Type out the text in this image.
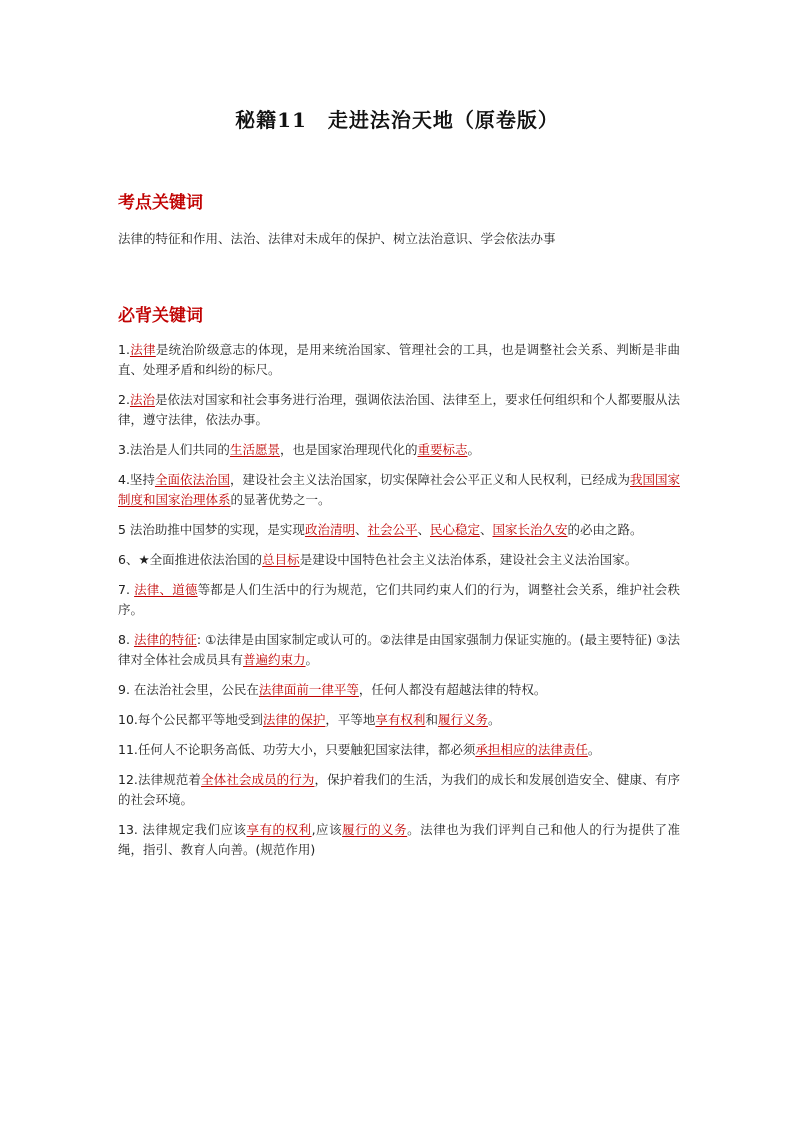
秘籍11　走进法治天地（原卷版）
考点关键词
法律的特征和作用、法治、法律对未成年的保护、树立法治意识、学会依法办事
必背关键词
1.法律是统治阶级意志的体现，是用来统治国家、管理社会的工具，也是调整社会关系、判断是非曲直、处理矛盾和纠纷的标尺。
2.法治是依法对国家和社会事务进行治理，强调依法治国、法律至上，要求任何组织和个人都要服从法律，遵守法律，依法办事。
3.法治是人们共同的生活愿景，也是国家治理现代化的重要标志。
4.坚持全面依法治国，建设社会主义法治国家，切实保障社会公平正义和人民权利，已经成为我国国家制度和国家治理体系的显著优势之一。
5 法治助推中国梦的实现，是实现政治清明、社会公平、民心稳定、国家长治久安的必由之路。
6、★全面推进依法治国的总目标是建设中国特色社会主义法治体系，建设社会主义法治国家。
7. 法律、道德等都是人们生活中的行为规范，它们共同约束人们的行为，调整社会关系，维护社会秩序。
8. 法律的特征: ①法律是由国家制定或认可的。②法律是由国家强制力保证实施的。(最主要特征) ③法律对全体社会成员具有普遍约束力。
9. 在法治社会里，公民在法律面前一律平等，任何人都没有超越法律的特权。
10.每个公民都平等地受到法律的保护，平等地享有权利和履行义务。
11.任何人不论职务高低、功劳大小，只要触犯国家法律，都必须承担相应的法律责任。
12.法律规范着全体社会成员的行为，保护着我们的生活，为我们的成长和发展创造安全、健康、有序的社会环境。
13. 法律规定我们应该享有的权利,应该履行的义务。法律也为我们评判自己和他人的行为提供了准绳，指引、教育人向善。(规范作用)
